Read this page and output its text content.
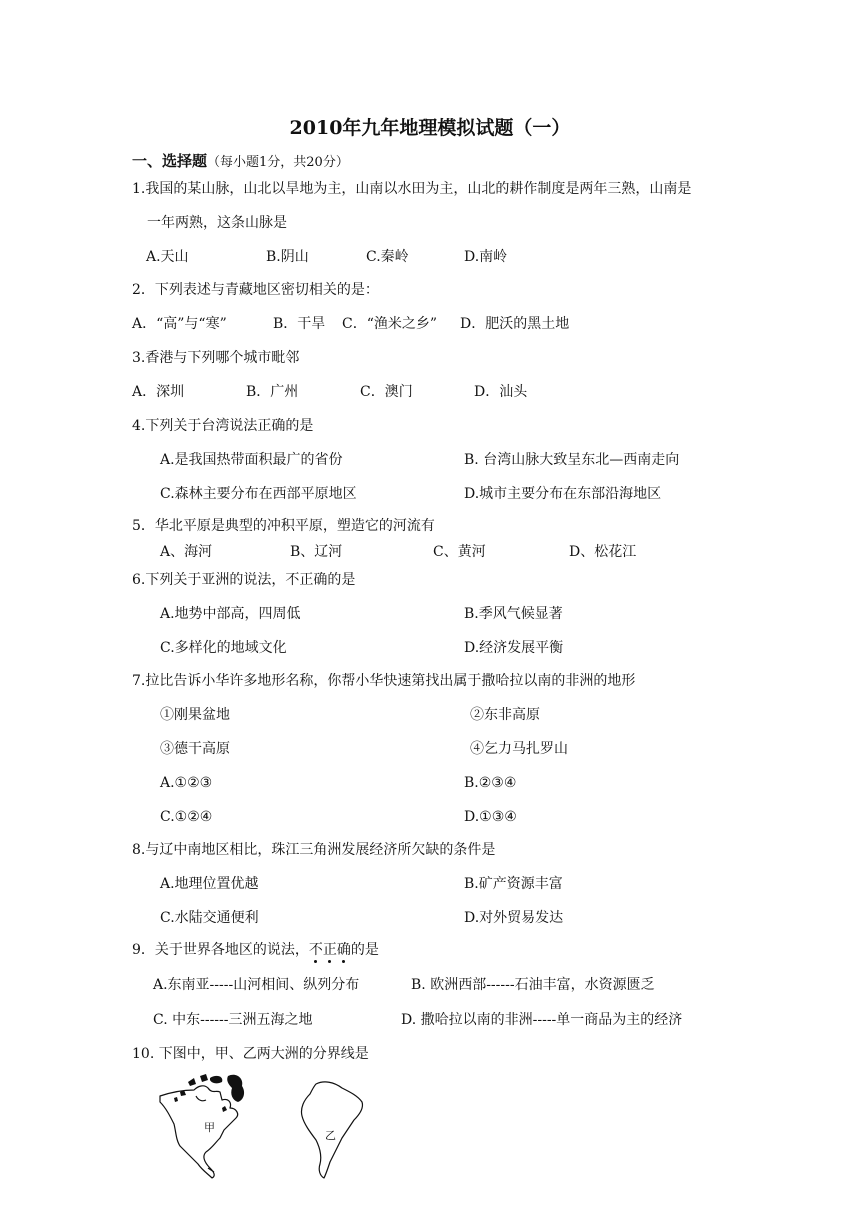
2010年九年地理模拟试题（一）
一、选择题（每小题1分，共20分）
1.我国的某山脉，山北以旱地为主，山南以水田为主，山北的耕作制度是两年三熟，山南是
一年两熟，这条山脉是
A.天山	B.阴山	C.秦岭	D.南岭
2．下列表述与青藏地区密切相关的是：
A．“高”与“寒”	B．干旱 C．“渔米之乡” D．肥沃的黑土地
3.香港与下列哪个城市毗邻
A．深圳	B．广州	C．澳门	D．汕头
4.下列关于台湾说法正确的是
A.是我国热带面积最广的省份	B. 台湾山脉大致呈东北—西南走向
C.森林主要分布在西部平原地区	D.城市主要分布在东部沿海地区
5．华北平原是典型的冲积平原，塑造它的河流有
A、海河	B、辽河	C、黄河	D、松花江
6.下列关于亚洲的说法，不正确的是
A.地势中部高，四周低	B.季风气候显著
C.多样化的地域文化	D.经济发展平衡
7.拉比告诉小华许多地形名称，你帮小华快速第找出属于撒哈拉以南的非洲的地形
①刚果盆地	②东非高原
③德干高原	④乞力马扎罗山
A.①②③	B.②③④
C.①②④	D.①③④
8.与辽中南地区相比，珠江三角洲发展经济所欠缺的条件是
A.地理位置优越	B.矿产资源丰富
C.水陆交通便利	D.对外贸易发达
9．关于世界各地区的说法，不正确的是
A.东南亚-----山河相间、纵列分布	B. 欧洲西部------石油丰富，水资源匮乏
C. 中东------三洲五海之地	D. 撒哈拉以南的非洲-----单一商品为主的经济
10. 下图中，甲、乙两大洲的分界线是
甲
乙
